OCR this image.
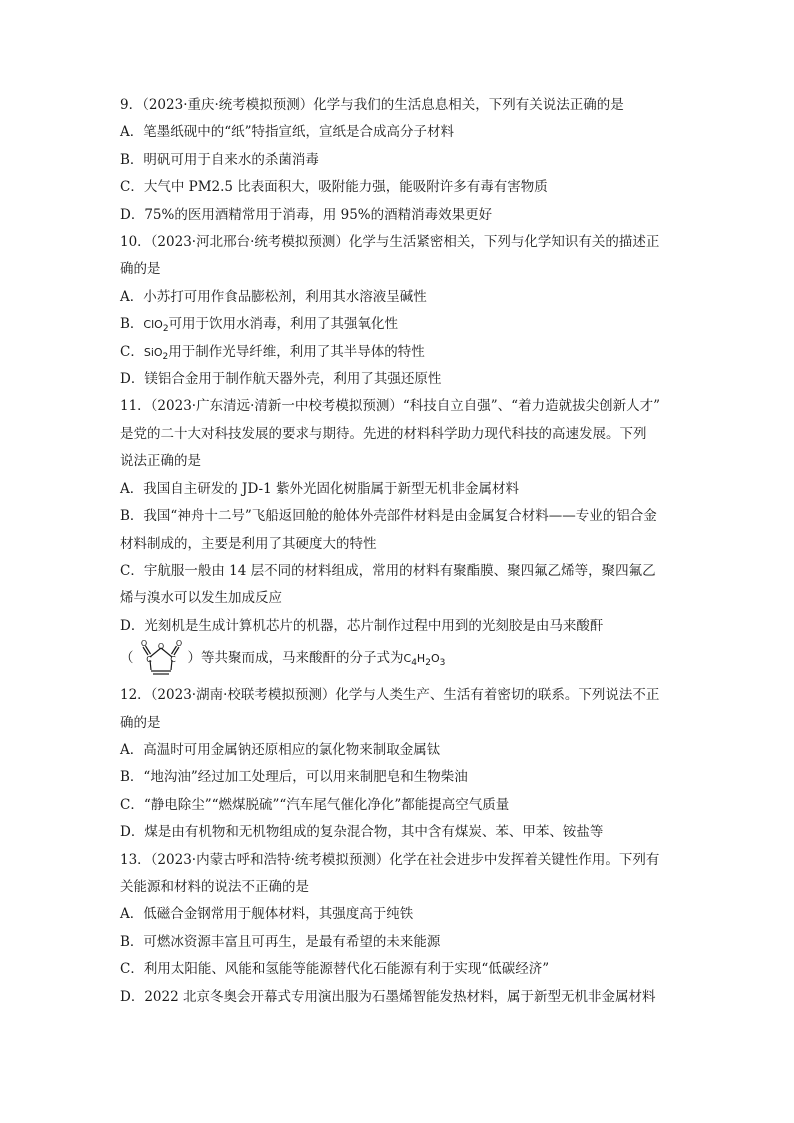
9．（2023·重庆·统考模拟预测）化学与我们的生活息息相关，下列有关说法正确的是
A．笔墨纸砚中的“纸”特指宣纸，宣纸是合成高分子材料
B．明矾可用于自来水的杀菌消毒
C．大气中 PM2.5 比表面积大，吸附能力强，能吸附许多有毒有害物质
D．75%的医用酒精常用于消毒，用 95%的酒精消毒效果更好
10．（2023·河北邢台·统考模拟预测）化学与生活紧密相关，下列与化学知识有关的描述正
确的是
A．小苏打可用作食品膨松剂，利用其水溶液呈碱性
B．ClO$_2$可用于饮用水消毒，利用了其强氧化性
C．SiO$_2$用于制作光导纤维，利用了其半导体的特性
D．镁铝合金用于制作航天器外壳，利用了其强还原性
11．（2023·广东清远·清新一中校考模拟预测）“科技自立自强”、“着力造就拔尖创新人才”
是党的二十大对科技发展的要求与期待。先进的材料科学助力现代科技的高速发展。下列
说法正确的是
A．我国自主研发的 JD-1 紫外光固化树脂属于新型无机非金属材料
B．我国“神舟十二号”飞船返回舱的舱体外壳部件材料是由金属复合材料——专业的铝合金
材料制成的，主要是利用了其硬度大的特性
C．宇航服一般由 14 层不同的材料组成，常用的材料有聚酯膜、聚四氟乙烯等，聚四氟乙
烯与溴水可以发生加成反应
D．光刻机是生成计算机芯片的机器，芯片制作过程中用到的光刻胶是由马来酸酐
（
O O O
C C ）等共聚而成，马来酸酐的分子式为 $C_4H_2O_3$
12．（2023·湖南·校联考模拟预测）化学与人类生产、生活有着密切的联系。下列说法不正
确的是
A．高温时可用金属钠还原相应的氯化物来制取金属钛
B．“地沟油”经过加工处理后，可以用来制肥皂和生物柴油
C．“静电除尘”“燃煤脱硫”“汽车尾气催化净化”都能提高空气质量
D．煤是由有机物和无机物组成的复杂混合物，其中含有煤炭、苯、甲苯、铵盐等
13．（2023·内蒙古呼和浩特·统考模拟预测）化学在社会进步中发挥着关键性作用。下列有
关能源和材料的说法不正确的是
A．低磁合金钢常用于舰体材料，其强度高于纯铁
B．可燃冰资源丰富且可再生，是最有希望的未来能源
C．利用太阳能、风能和氢能等能源替代化石能源有利于实现“低碳经济”
D．2022 北京冬奥会开幕式专用演出服为石墨烯智能发热材料，属于新型无机非金属材料
